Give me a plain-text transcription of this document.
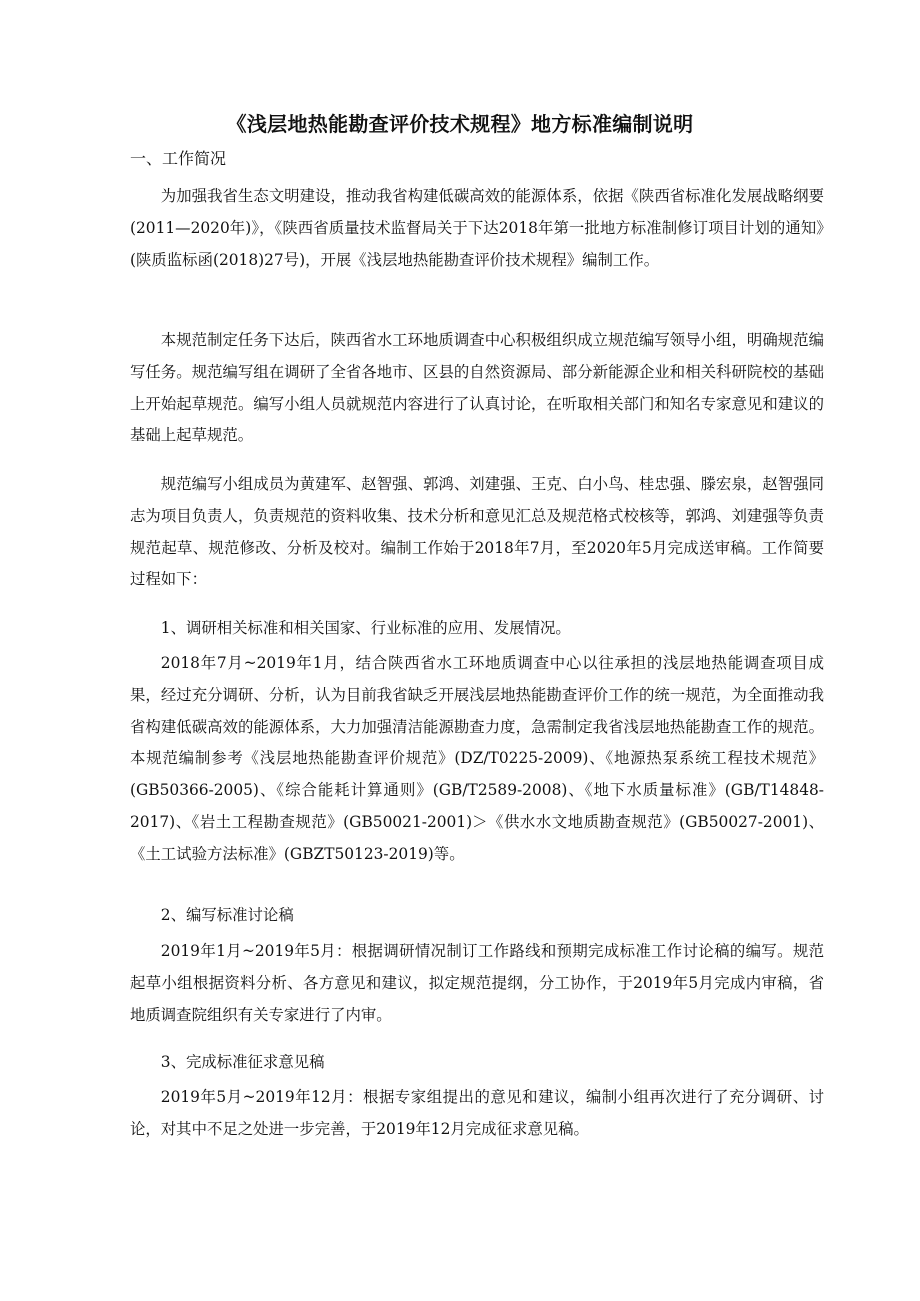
《浅层地热能勘查评价技术规程》地方标准编制说明
一、工作简况
为加强我省生态文明建设，推动我省构建低碳高效的能源体系，依据《陕西省标准化发展战略纲要(2011—2020年)》，《陕西省质量技术监督局关于下达2018年第一批地方标准制修订项目计划的通知》(陕质监标函(2018)27号)，开展《浅层地热能勘查评价技术规程》编制工作。
本规范制定任务下达后，陕西省水工环地质调查中心积极组织成立规范编写领导小组，明确规范编写任务。规范编写组在调研了全省各地市、区县的自然资源局、部分新能源企业和相关科研院校的基础上开始起草规范。编写小组人员就规范内容进行了认真讨论，在听取相关部门和知名专家意见和建议的基础上起草规范。
规范编写小组成员为黄建军、赵智强、郭鸿、刘建强、王克、白小鸟、桂忠强、滕宏泉，赵智强同志为项目负责人，负责规范的资料收集、技术分析和意见汇总及规范格式校核等，郭鸿、刘建强等负责规范起草、规范修改、分析及校对。编制工作始于2018年7月，至2020年5月完成送审稿。工作简要过程如下：
1、调研相关标准和相关国家、行业标准的应用、发展情况。
2018年7月~2019年1月，结合陕西省水工环地质调查中心以往承担的浅层地热能调查项目成果，经过充分调研、分析，认为目前我省缺乏开展浅层地热能勘查评价工作的统一规范，为全面推动我省构建低碳高效的能源体系，大力加强清洁能源勘查力度，急需制定我省浅层地热能勘查工作的规范。本规范编制参考《浅层地热能勘查评价规范》(DZ/T0225-2009)、《地源热泵系统工程技术规范》(GB50366-2005)、《综合能耗计算通则》(GB/T2589-2008)、《地下水质量标准》(GB/T14848-2017)、《岩土工程勘查规范》(GB50021-2001)＞《供水水文地质勘查规范》(GB50027-2001)、《土工试验方法标准》(GBZT50123-2019)等。
2、编写标准讨论稿
2019年1月~2019年5月：根据调研情况制订工作路线和预期完成标准工作讨论稿的编写。规范起草小组根据资料分析、各方意见和建议，拟定规范提纲，分工协作，于2019年5月完成内审稿，省地质调查院组织有关专家进行了内审。
3、完成标准征求意见稿
2019年5月~2019年12月：根据专家组提出的意见和建议，编制小组再次进行了充分调研、讨论，对其中不足之处进一步完善，于2019年12月完成征求意见稿。
